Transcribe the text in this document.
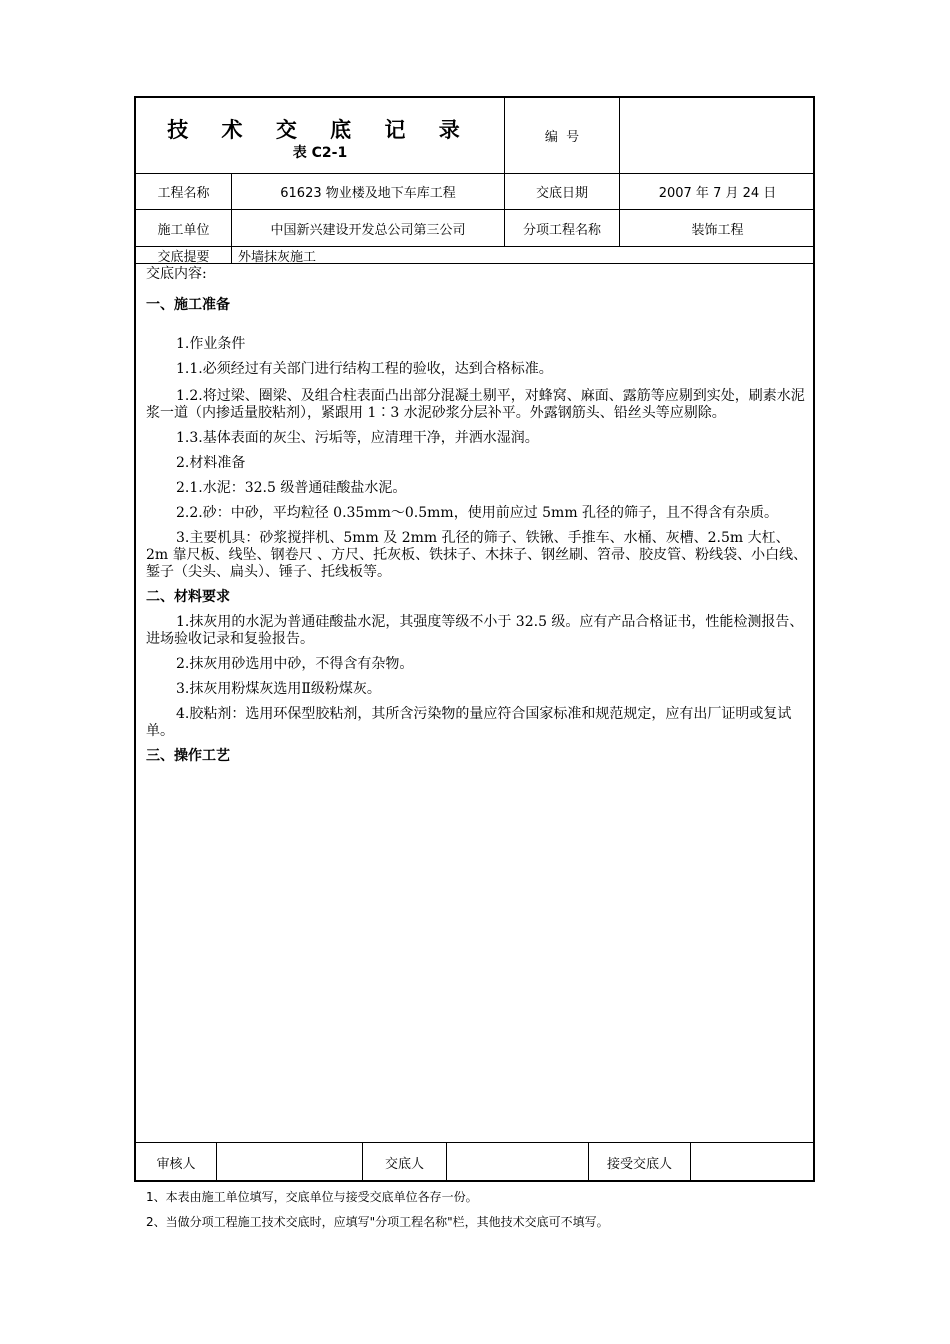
技 术 交 底 记 录
表 C2-1
编  号
工程名称	61623 物业楼及地下车库工程	交底日期	2007 年 7 月 24 日
施工单位	中国新兴建设开发总公司第三公司	分项工程名称	装饰工程
交底提要	外墙抹灰施工

交底内容:

一、施工准备

1.作业条件

1.1.必须经过有关部门进行结构工程的验收，达到合格标准。

1.2.将过梁、圈梁、及组合柱表面凸出部分混凝土剔平，对蜂窝、麻面、露筋等应剔到实处，刷素水泥浆一道（内掺适量胶粘剂），紧跟用 1∶3 水泥砂浆分层补平。外露钢筋头、铅丝头等应剔除。

1.3.基体表面的灰尘、污垢等，应清理干净，并洒水湿润。

2.材料准备

2.1.水泥：32.5 级普通硅酸盐水泥。

2.2.砂：中砂，平均粒径 0.35mm～0.5mm，使用前应过 5mm 孔径的筛子，且不得含有杂质。

3.主要机具：砂浆搅拌机、5mm 及 2mm 孔径的筛子、铁锹、手推车、水桶、灰槽、2.5m 大杠、2m 靠尺板、线坠、钢卷尺 、方尺、托灰板、铁抹子、木抹子、钢丝刷、笤帚、胶皮管、粉线袋、小白线、錾子（尖头、扁头）、锤子、托线板等。

二、材料要求

1.抹灰用的水泥为普通硅酸盐水泥，其强度等级不小于 32.5 级。应有产品合格证书，性能检测报告、进场验收记录和复验报告。

2.抹灰用砂选用中砂，不得含有杂物。

3.抹灰用粉煤灰选用Ⅱ级粉煤灰。

4.胶粘剂：选用环保型胶粘剂，其所含污染物的量应符合国家标准和规范规定，应有出厂证明或复试单。

三、操作工艺

审核人	交底人	接受交底人
1、本表由施工单位填写，交底单位与接受交底单位各存一份。
2、当做分项工程施工技术交底时，应填写"分项工程名称"栏，其他技术交底可不填写。
